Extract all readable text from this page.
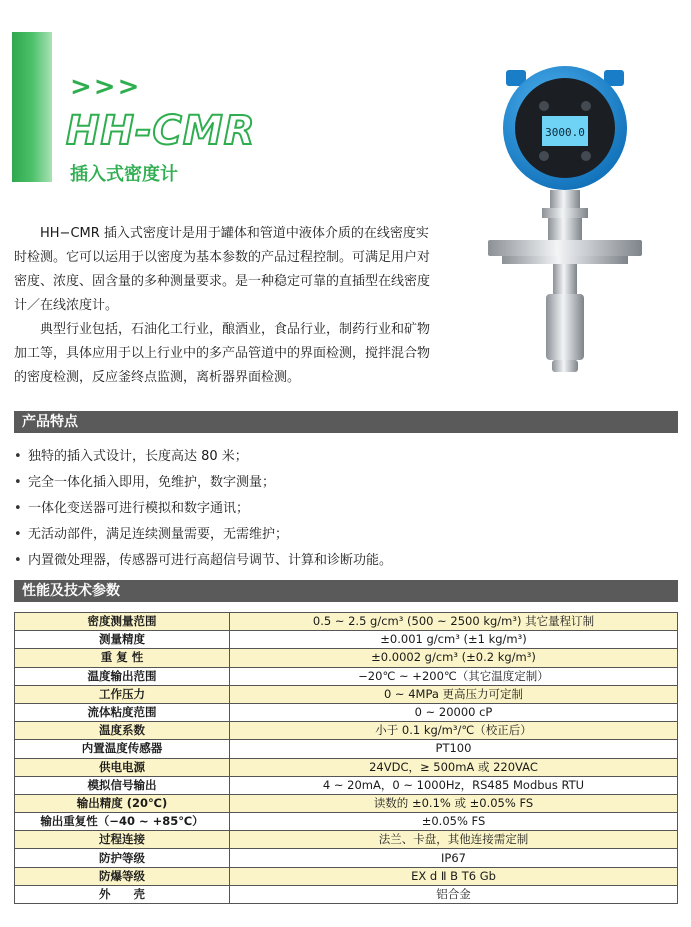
>>>
HH-CMR
插入式密度计
3000.0

HH−CMR 插入式密度计是用于罐体和管道中液体介质的在线密度实时检测。它可以运用于以密度为基本参数的产品过程控制。可满足用户对密度、浓度、固含量的多种测量要求。是一种稳定可靠的直插型在线密度计／在线浓度计。

典型行业包括，石油化工行业，酿酒业，食品行业，制药行业和矿物加工等，具体应用于以上行业中的多产品管道中的界面检测，搅拌混合物的密度检测，反应釜终点监测，离析器界面检测。

产品特点
• 独特的插入式设计，长度高达 80 米；
• 完全一体化插入即用，免维护，数字测量；
• 一体化变送器可进行模拟和数字通讯；
• 无活动部件，满足连续测量需要，无需维护；
• 内置微处理器，传感器可进行高超信号调节、计算和诊断功能。
性能及技术参数
密度测量范围	0.5 ~ 2.5 g/cm³ (500 ~ 2500 kg/m³) 其它量程订制
测量精度	±0.001 g/cm³ (±1 kg/m³)
重 复 性	±0.0002 g/cm³ (±0.2 kg/m³)
温度输出范围	−20℃ ~ +200℃（其它温度定制）
工作压力	0 ~ 4MPa 更高压力可定制
流体粘度范围	0 ~ 20000 cP
温度系数	小于 0.1 kg/m³/℃（校正后）
内置温度传感器	PT100
供电电源	24VDC，≥ 500mA 或 220VAC
模拟信号输出	4 ~ 20mA，0 ~ 1000Hz，RS485 Modbus RTU
输出精度 (20℃)	读数的 ±0.1% 或 ±0.05% FS
输出重复性（−40 ~ +85℃）	±0.05% FS
过程连接	法兰、卡盘，其他连接需定制
防护等级	IP67
防爆等级	EX d Ⅱ B T6 Gb
外　　壳	铝合金
